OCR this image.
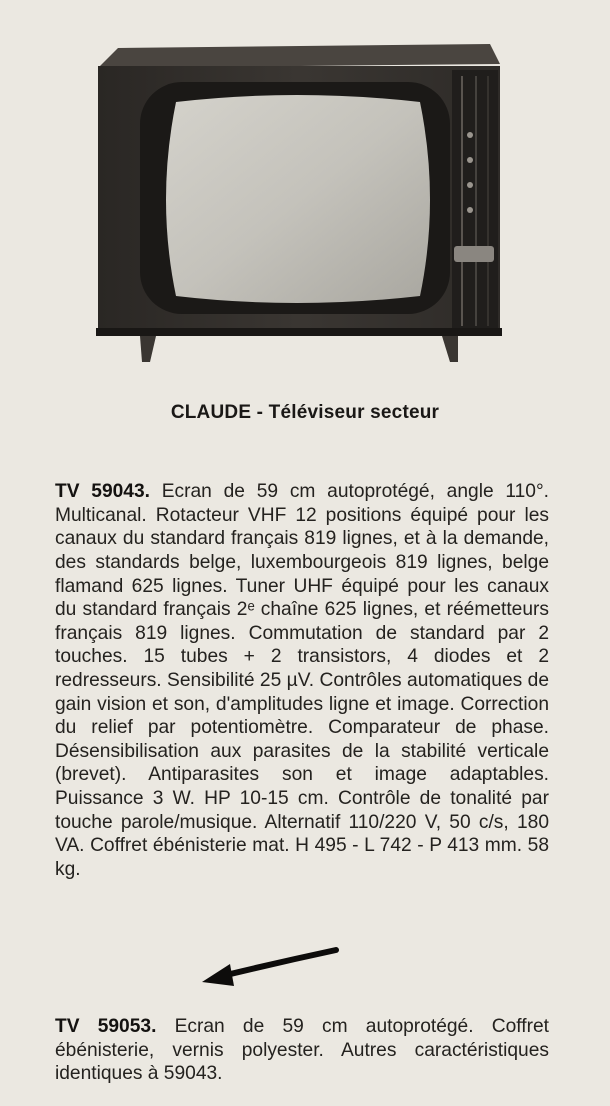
CLAUDE - Téléviseur secteur

TV 59043. Ecran de 59 cm autoprotégé, angle 110°. Multicanal. Rotacteur VHF 12 positions équipé pour les canaux du standard français 819 lignes, et à la demande, des standards belge, luxembourgeois 819 lignes, belge flamand 625 lignes. Tuner UHF équipé pour les canaux du standard français 2ᵉ chaîne 625 lignes, et réémetteurs français 819 lignes. Commutation de standard par 2 touches. 15 tubes + 2 transistors, 4 diodes et 2 redresseurs. Sensibilité 25 µV. Contrôles automatiques de gain vision et son, d'amplitudes ligne et image. Correction du relief par potentiomètre. Comparateur de phase. Désensibilisation aux parasites de la stabilité verticale (brevet). Antiparasites son et image adaptables. Puissance 3 W. HP 10-15 cm. Contrôle de tonalité par touche parole/musique. Alternatif 110/220 V, 50 c/s, 180 VA. Coffret ébénisterie mat. H 495 - L 742 - P 413 mm. 58 kg.

TV 59053. Ecran de 59 cm autoprotégé. Coffret ébénisterie, vernis polyester. Autres caractéristiques identiques à 59043.
